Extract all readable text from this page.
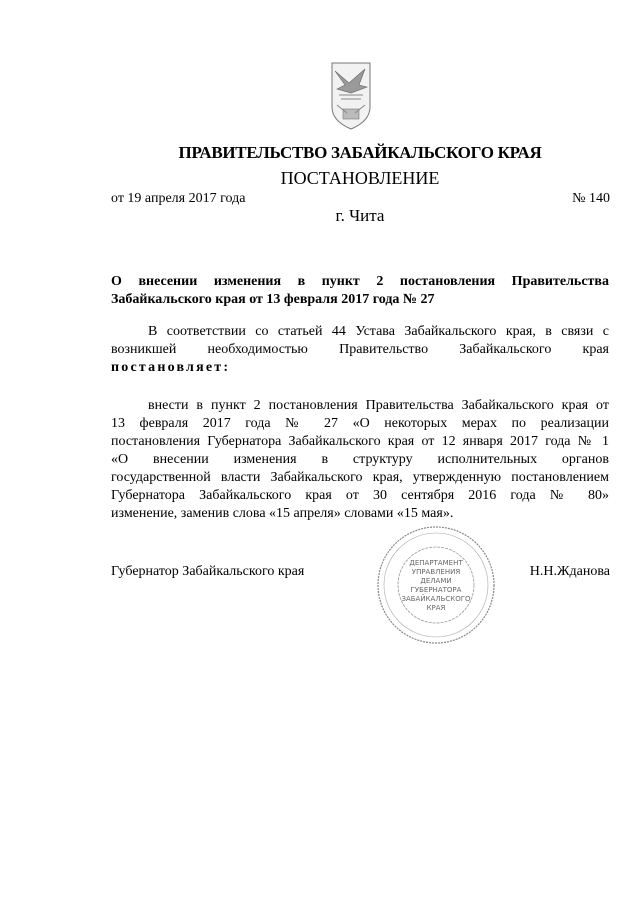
ПРАВИТЕЛЬСТВО ЗАБАЙКАЛЬСКОГО КРАЯ
ПОСТАНОВЛЕНИЕ
от 19 апреля 2017 года	№ 140
г. Чита
О внесении изменения в пункт 2 постановления Правительства Забайкальского края от 13 февраля 2017 года № 27
В соответствии со статьей 44 Устава Забайкальского края, в связи с
возникшей необходимостью Правительство Забайкальского края
постановляет:
внести в пункт 2 постановления Правительства Забайкальского края от
13 февраля 2017 года № 27 «О некоторых мерах по реализации
постановления Губернатора Забайкальского края от 12 января 2017 года № 1
«О внесении изменения в структуру исполнительных органов
государственной власти Забайкальского края, утвержденную постановлением
Губернатора Забайкальского края от 30 сентября 2016 года № 80»
изменение, заменив слова «15 апреля» словами «15 мая».
Губернатор Забайкальского края
ДЕПАРТАМЕНТ
УПРАВЛЕНИЯ
ДЕЛАМИ
ГУБЕРНАТОРА
ЗАБАЙКАЛЬСКОГО
КРАЯ
Н.Н.Жданова
